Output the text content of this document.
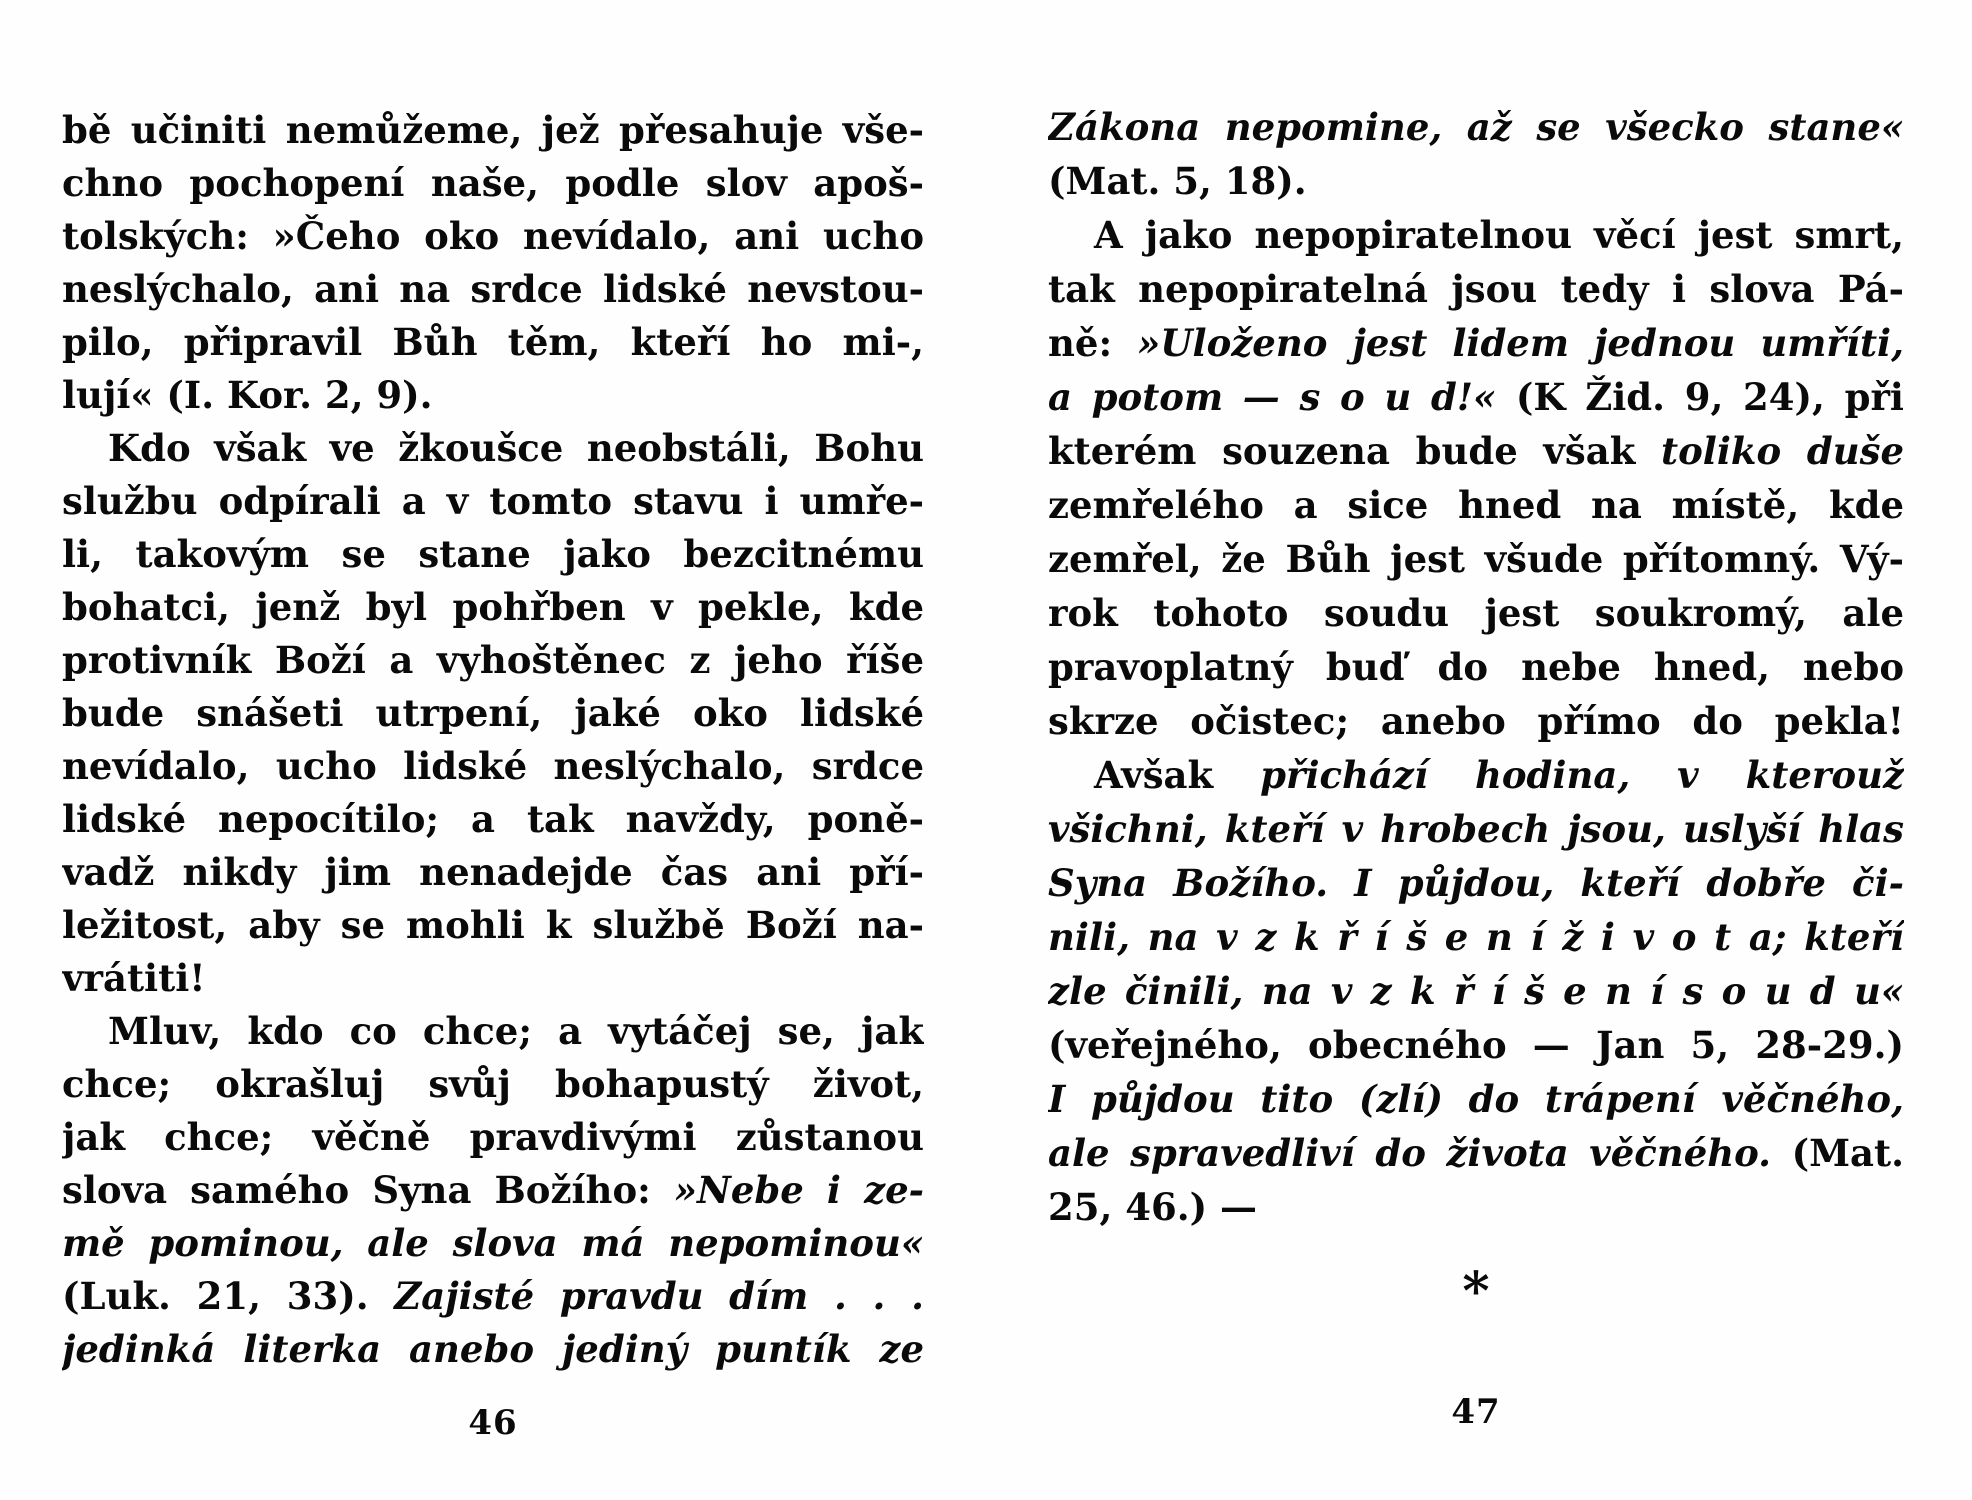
bě učiniti nemůžeme, jež přesahuje vše-
chno pochopení naše, podle slov apoš-
tolských: »Čeho oko nevídalo, ani ucho
neslýchalo, ani na srdce lidské nevstou-
pilo, připravil Bůh těm, kteří ho mi-,
lují« (I. Kor. 2, 9).
Kdo však ve žkoušce neobstáli, Bohu
službu odpírali a v tomto stavu i umře-
li, takovým se stane jako bezcitnému
bohatci, jenž byl pohřben v pekle, kde
protivník Boží a vyhoštěnec z jeho říše
bude snášeti utrpení, jaké oko lidské
nevídalo, ucho lidské neslýchalo, srdce
lidské nepocítilo; a tak navždy, poně-
vadž nikdy jim nenadejde čas ani pří-
ležitost, aby se mohli k službě Boží na-
vrátiti!
Mluv, kdo co chce; a vytáčej se, jak
chce; okrašluj svůj bohapustý život,
jak chce; věčně pravdivými zůstanou
slova samého Syna Božího: »Nebe i ze-
mě pominou, ale slova má nepominou«
(Luk. 21, 33). Zajisté pravdu dím . . .
jedinká literka anebo jediný puntík ze
Zákona nepomine, až se všecko stane«
(Mat. 5, 18).
A jako nepopiratelnou věcí jest smrt,
tak nepopiratelná jsou tedy i slova Pá-
ně: »Uloženo jest lidem jednou umříti,
a potom — s o u d!« (K Žid. 9, 24), při
kterém souzena bude však toliko duše
zemřelého a sice hned na místě, kde
zemřel, že Bůh jest všude přítomný. Vý-
rok tohoto soudu jest soukromý, ale
pravoplatný buď do nebe hned, nebo
skrze očistec; anebo přímo do pekla!
Avšak přichází hodina, v kterouž
všichni, kteří v hrobech jsou, uslyší hlas
Syna Božího. I půjdou, kteří dobře či-
nili, na v z k ř í š e n í ž i v o t a; kteří
zle činili, na v z k ř í š e n í s o u d u«
(veřejného, obecného — Jan 5, 28-29.)
I půjdou tito (zlí) do trápení věčného,
ale spravedliví do života věčného. (Mat.
25, 46.) —
*
46	47
